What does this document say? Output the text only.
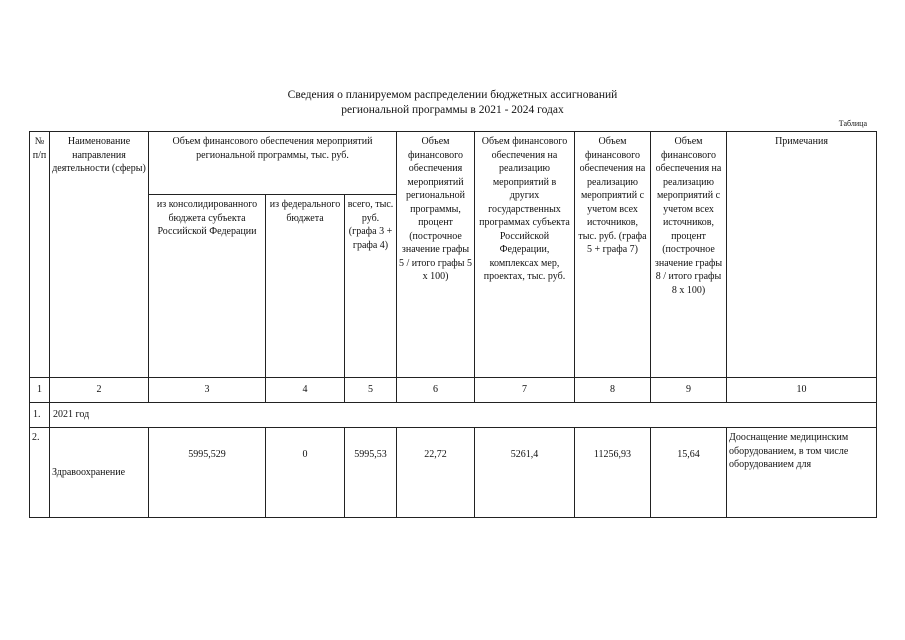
Сведения о планируемом распределении бюджетных ассигнований
региональной программы в 2021 - 2024 годах
Таблица
№ п/п	Наименование направления деятельности (сферы)	Объем финансового обеспечения мероприятий региональной программы, тыс. руб.			Объем финансового обеспечения мероприятий региональной программы, процент (построчное значение графы 5 / итого графы 5 x 100)	Объем финансового обеспечения на реализацию мероприятий в других государственных программах субъекта Российской Федерации, комплексах мер, проектах, тыс. руб.	Объем финансового обеспечения на реализацию мероприятий с учетом всех источников, тыс. руб. (графа 5 + графа 7)	Объем финансового обеспечения на реализацию мероприятий с учетом всех источников, процент (построчное значение графы 8 / итого графы 8 x 100)	Примечания
		из консолидированного бюджета субъекта Российской Федерации	из федерального бюджета	всего, тыс. руб. (графа 3 + графа 4)					
1	2	3	4	5	6	7	8	9	10
1.	2021 год								
2.	Здравоохранение	5995,529	0	5995,53	22,72	5261,4	11256,93	15,64	Дооснащение медицинским оборудованием, в том числе оборудованием для
